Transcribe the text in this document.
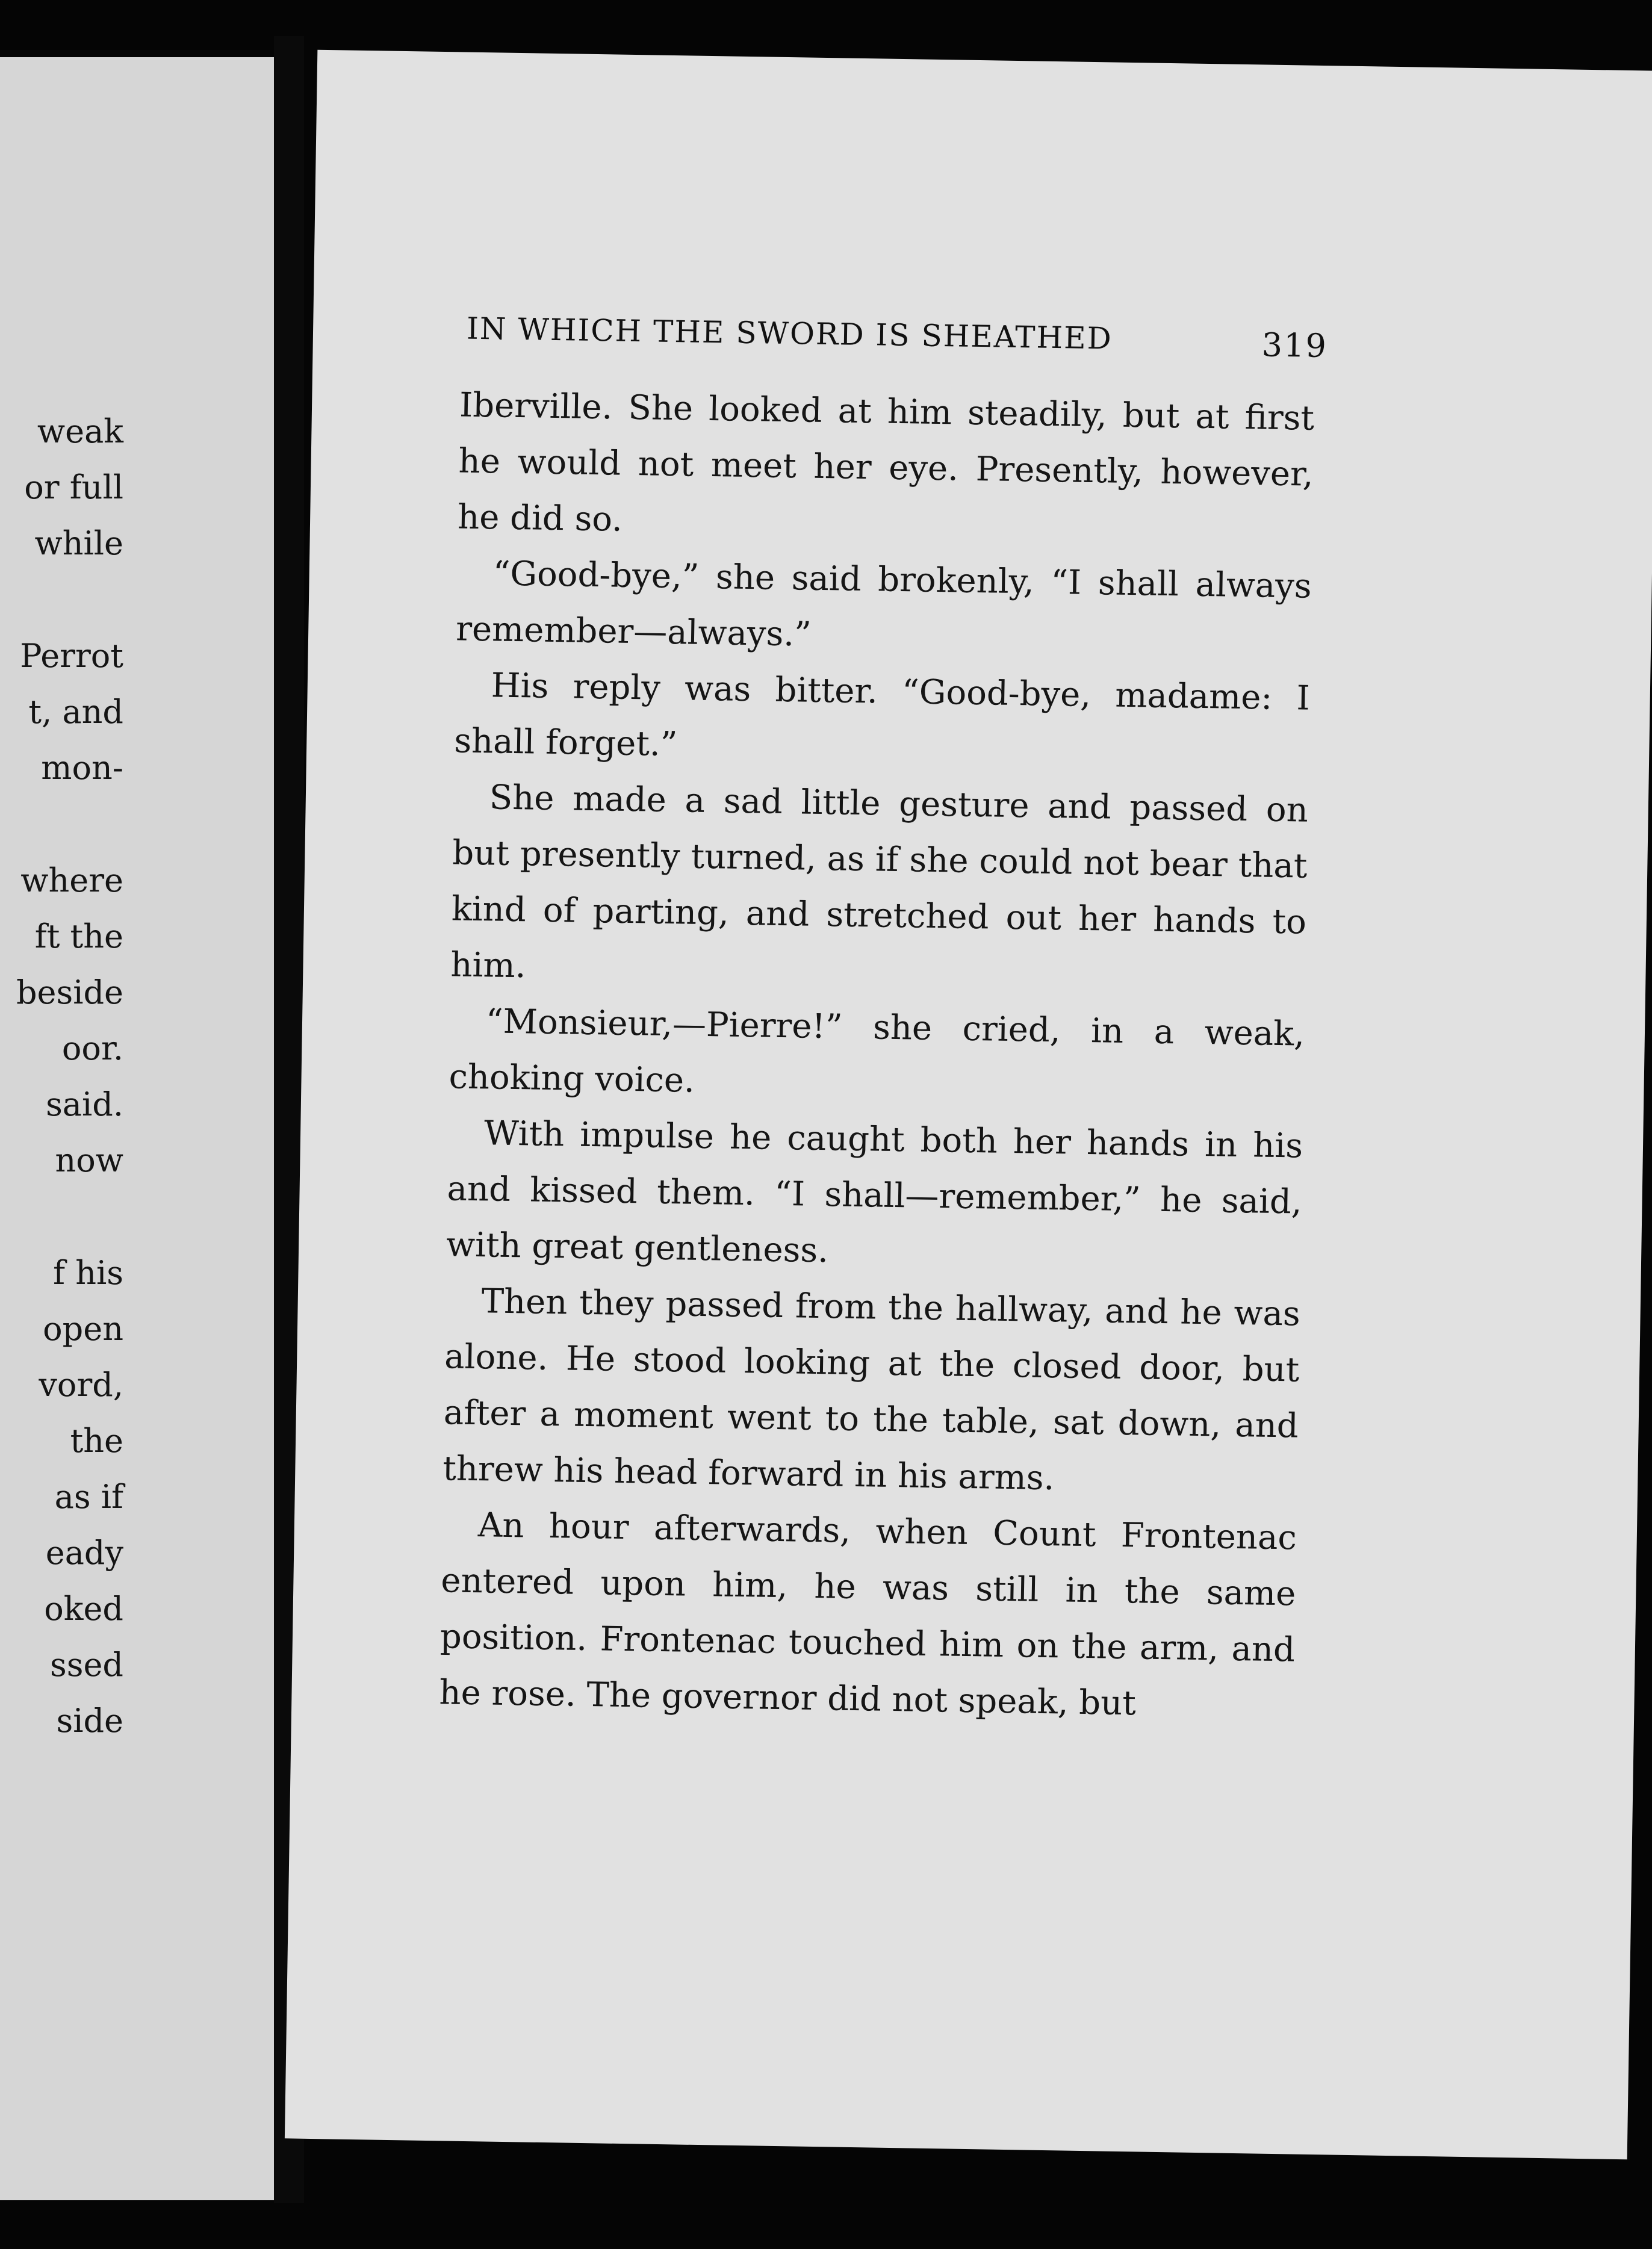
weak
or full
while
Perrot
t, and
mon-
where
ft the
beside
oor.
said.
now
f his
open
vord,
the
as if
eady
oked
ssed
side
IN WHICH THE SWORD IS SHEATHED	319

Iberville. She looked at him steadily, but at first he would not meet her eye. Presently, however, he did so.

“Good-bye,” she said brokenly, “I shall always remember—always.”

His reply was bitter. “Good-bye, madame: I shall forget.”

She made a sad little gesture and passed on but presently turned, as if she could not bear that kind of parting, and stretched out her hands to him.

“Monsieur,—Pierre!” she cried, in a weak, choking voice.

With impulse he caught both her hands in his and kissed them. “I shall—remember,” he said, with great gentleness.

Then they passed from the hallway, and he was alone. He stood looking at the closed door, but after a moment went to the table, sat down, and threw his head forward in his arms.

An hour afterwards, when Count Frontenac entered upon him, he was still in the same position. Frontenac touched him on the arm, and he rose. The governor did not speak, but
